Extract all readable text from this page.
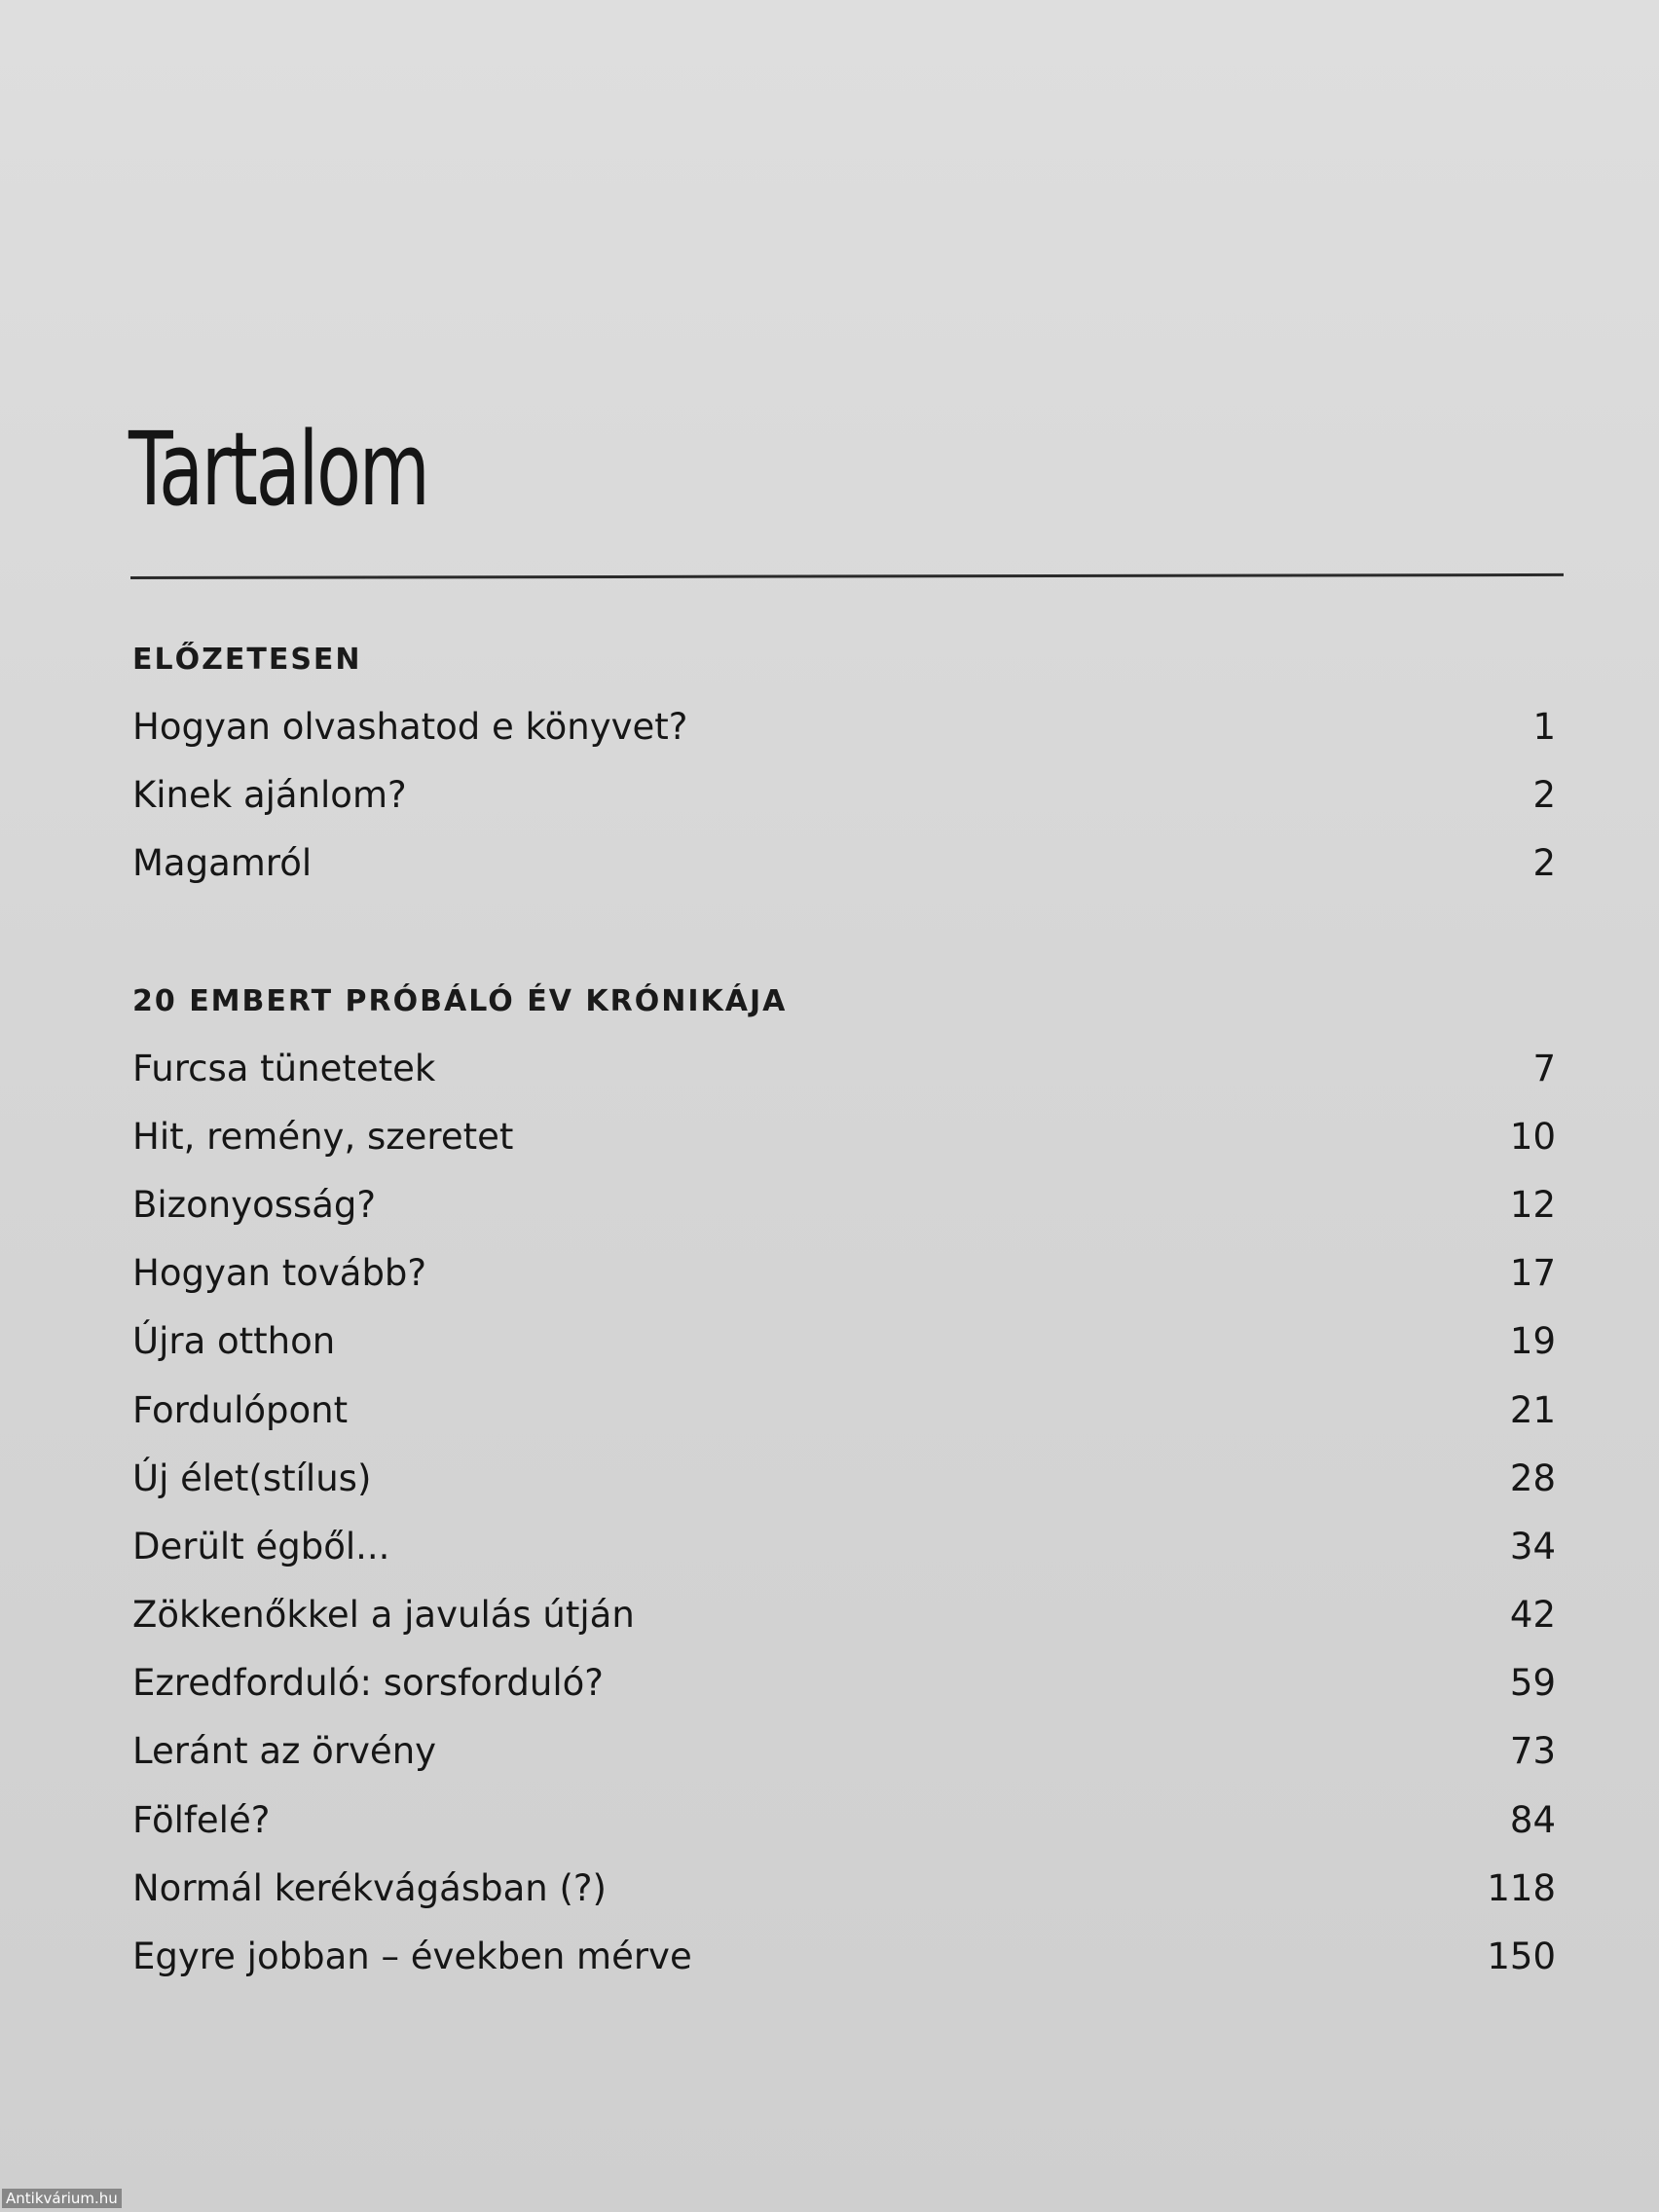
Tartalom
ELŐZETESEN
Hogyan olvashatod e könyvet?	1
Kinek ajánlom?	2
Magamról	2
20 EMBERT PRÓBÁLÓ ÉV KRÓNIKÁJA
Furcsa tünetetek	7
Hit, remény, szeretet	10
Bizonyosság?	12
Hogyan tovább?	17
Újra otthon	19
Fordulópont	21
Új élet(stílus)	28
Derült égből...	34
Zökkenőkkel a javulás útján	42
Ezredforduló: sorsforduló?	59
Leránt az örvény	73
Fölfelé?	84
Normál kerékvágásban (?)	118
Egyre jobban – években mérve	150
Antikvárium.hu
